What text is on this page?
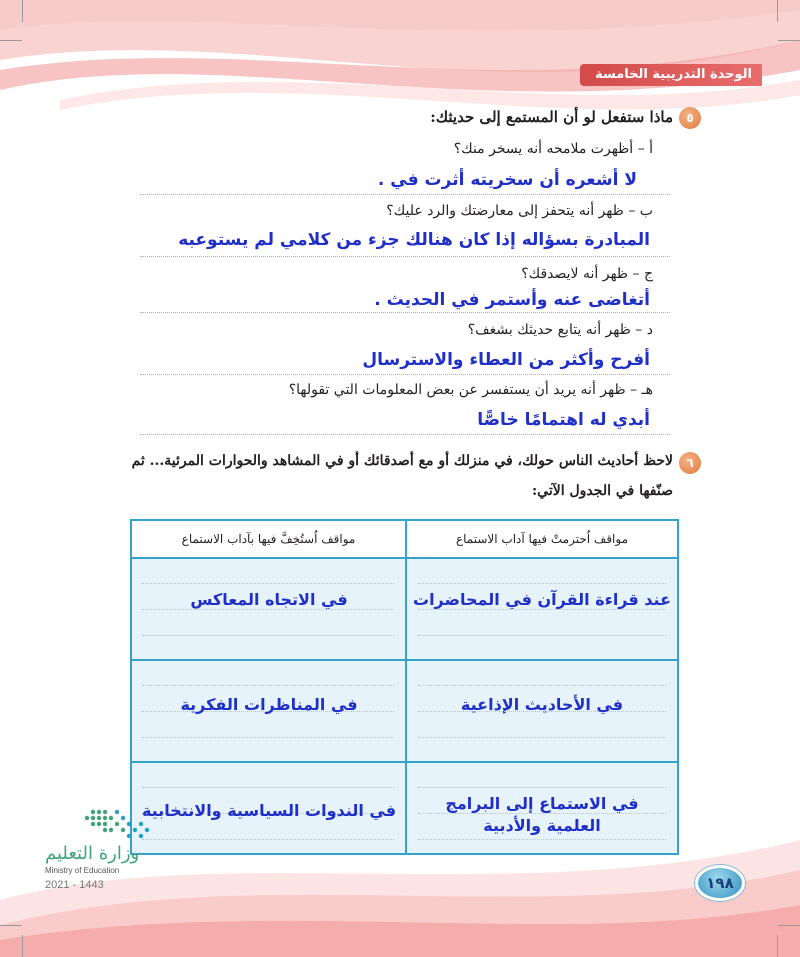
الوحدة التدريبية الخامسة
٥
ماذا ستفعل لو أن المستمع إلى حديثك:
أ – أظهرت ملامحه أنه يسخر منك؟
لا أشعره أن سخريته أثرت في .
ب – ظهر أنه يتحفز إلى معارضتك والرد عليك؟
المبادرة بسؤاله إذا كان هنالك جزء من كلامي لم يستوعبه
ج – ظهر أنه لايصدقك؟
أتغاضى عنه وأستمر في الحديث .
د – ظهر أنه يتابع حديثك بشغف؟
أفرح وأكثر من العطاء والاسترسال
هـ – ظهر أنه يريد أن يستفسر عن بعض المعلومات التي تقولها؟
أبدي له اهتمامًا خاصًّا
٦
لاحظ أحاديث الناس حولك، في منزلك أو مع أصدقائك أو في المشاهد والحوارات المرئية... ثم
صنّفها في الجدول الآتي:
مواقف اُحترمتْ فيها آداب الاستماع
مواقف اُستُخِفَّ فيها بآداب الاستماع
عند قراءة القرآن في المحاضرات
في الاتجاه المعاكس
في الأحاديث الإذاعية
في المناظرات الفكرية
في الاستماع إلى البرامج العلمية والأدبية
في الندوات السياسية والانتخابية
وزارة التعليم
Ministry of Education
2021 - 1443	١٩٨
